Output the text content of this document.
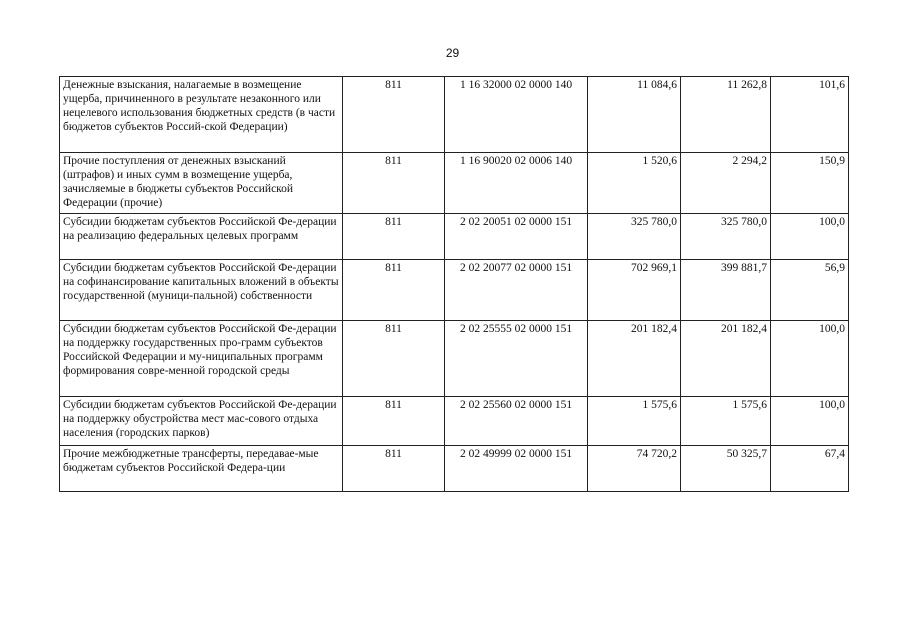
29
Денежные взыскания, налагаемые в возмещение ущерба, причиненного в результате незаконного или нецелевого использования бюджетных средств (в части бюджетов субъектов Россий-ской Федерации)	811	1 16 32000 02 0000 140	11 084,6	11 262,8	101,6
Прочие поступления от денежных взысканий (штрафов) и иных сумм в возмещение ущерба, зачисляемые в бюджеты субъектов Российской Федерации (прочие)	811	1 16 90020 02 0006 140	1 520,6	2 294,2	150,9
Субсидии бюджетам субъектов Российской Фе-дерации на реализацию федеральных целевых программ	811	2 02 20051 02 0000 151	325 780,0	325 780,0	100,0
Субсидии бюджетам субъектов Российской Фе-дерации на софинансирование капитальных вложений в объекты государственной (муници-пальной) собственности	811	2 02 20077 02 0000 151	702 969,1	399 881,7	56,9
Субсидии бюджетам субъектов Российской Фе-дерации на поддержку государственных про-грамм субъектов Российской Федерации и му-ниципальных программ формирования совре-менной городской среды	811	2 02 25555 02 0000 151	201 182,4	201 182,4	100,0
Субсидии бюджетам субъектов Российской Фе-дерации на поддержку обустройства мест мас-сового отдыха населения (городских парков)	811	2 02 25560 02 0000 151	1 575,6	1 575,6	100,0
Прочие межбюджетные трансферты, передавае-мые бюджетам субъектов Российской Федера-ции	811	2 02 49999 02 0000 151	74 720,2	50 325,7	67,4
